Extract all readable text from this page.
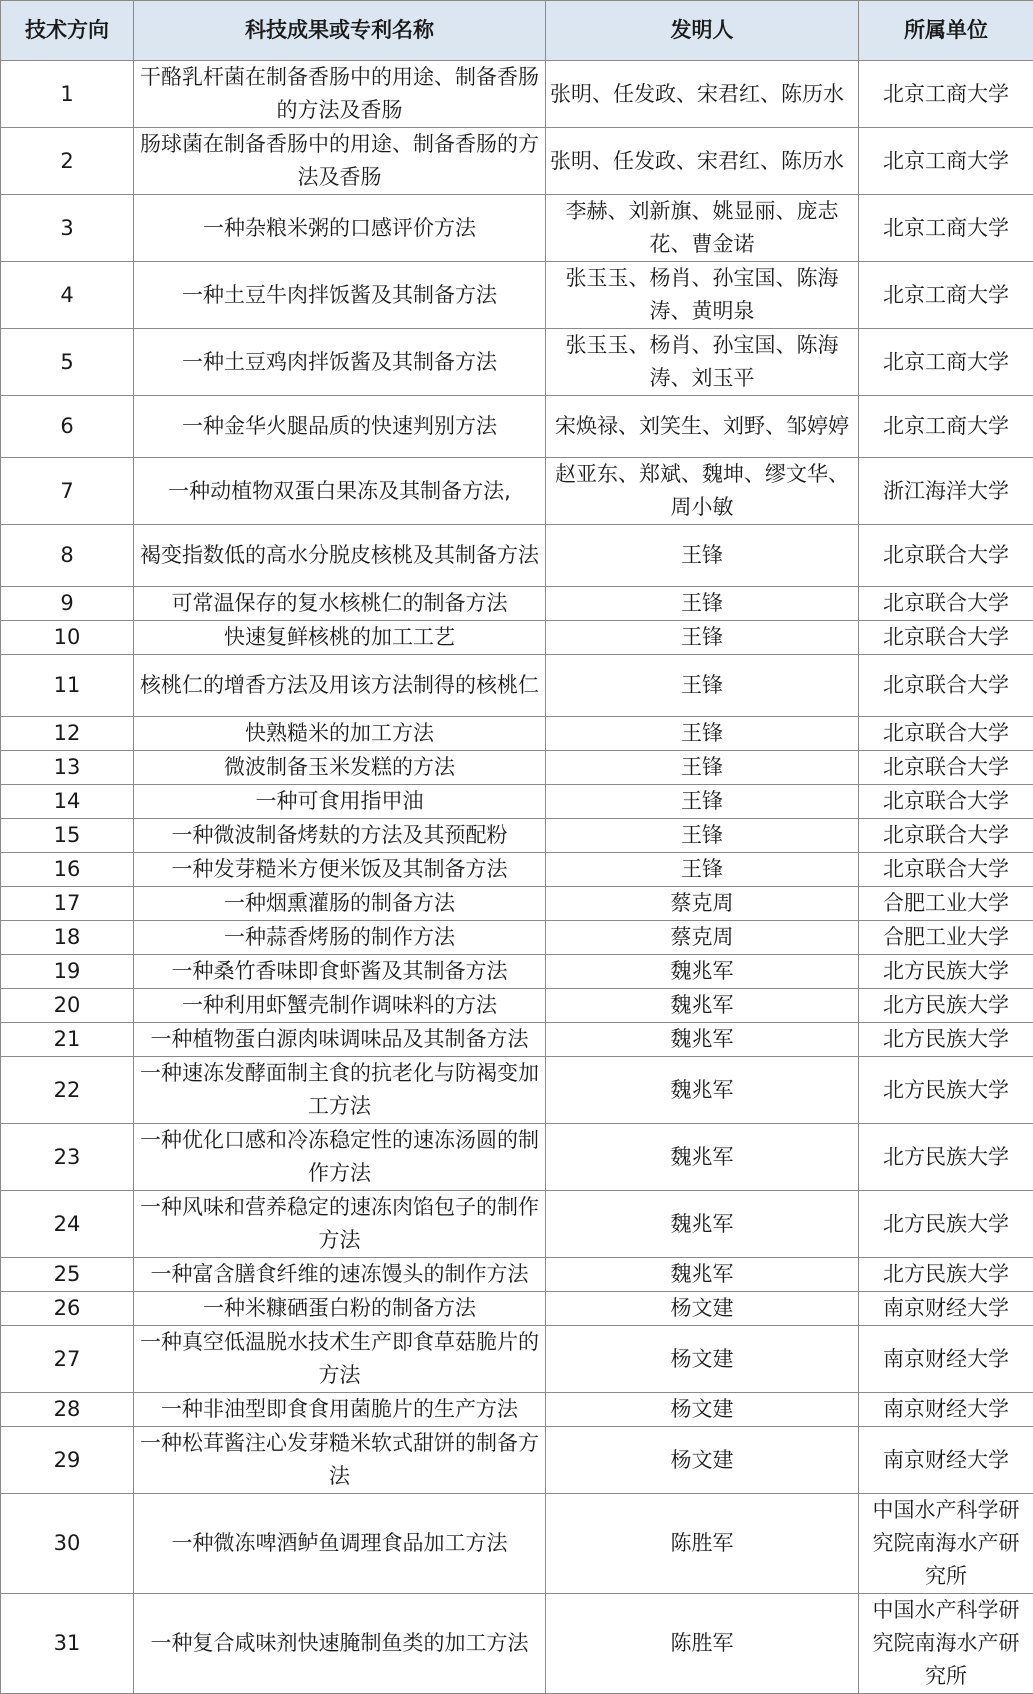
技术方向	科技成果或专利名称	发明人	所属单位
1	干酪乳杆菌在制备香肠中的用途、制备香肠的方法及香肠	张明、任发政、宋君红、陈历水	北京工商大学
2	肠球菌在制备香肠中的用途、制备香肠的方法及香肠	张明、任发政、宋君红、陈历水	北京工商大学
3	一种杂粮米粥的口感评价方法	李赫、刘新旗、姚显丽、庞志花、曹金诺	北京工商大学
4	一种土豆牛肉拌饭酱及其制备方法	张玉玉、杨肖、孙宝国、陈海涛、黄明泉	北京工商大学
5	一种土豆鸡肉拌饭酱及其制备方法	张玉玉、杨肖、孙宝国、陈海涛、刘玉平	北京工商大学
6	一种金华火腿品质的快速判别方法	宋焕禄、刘笑生、刘野、邹婷婷	北京工商大学
7	一种动植物双蛋白果冻及其制备方法,	赵亚东、郑斌、魏坤、缪文华、周小敏	浙江海洋大学
8	褐变指数低的高水分脱皮核桃及其制备方法	王锋	北京联合大学
9	可常温保存的复水核桃仁的制备方法	王锋	北京联合大学
10	快速复鲜核桃的加工工艺	王锋	北京联合大学
11	核桃仁的增香方法及用该方法制得的核桃仁	王锋	北京联合大学
12	快熟糙米的加工方法	王锋	北京联合大学
13	微波制备玉米发糕的方法	王锋	北京联合大学
14	一种可食用指甲油	王锋	北京联合大学
15	一种微波制备烤麸的方法及其预配粉	王锋	北京联合大学
16	一种发芽糙米方便米饭及其制备方法	王锋	北京联合大学
17	一种烟熏灌肠的制备方法	蔡克周	合肥工业大学
18	一种蒜香烤肠的制作方法	蔡克周	合肥工业大学
19	一种桑竹香味即食虾酱及其制备方法	魏兆军	北方民族大学
20	一种利用虾蟹壳制作调味料的方法	魏兆军	北方民族大学
21	一种植物蛋白源肉味调味品及其制备方法	魏兆军	北方民族大学
22	一种速冻发酵面制主食的抗老化与防褐变加工方法	魏兆军	北方民族大学
23	一种优化口感和冷冻稳定性的速冻汤圆的制作方法	魏兆军	北方民族大学
24	一种风味和营养稳定的速冻肉馅包子的制作方法	魏兆军	北方民族大学
25	一种富含膳食纤维的速冻馒头的制作方法	魏兆军	北方民族大学
26	一种米糠硒蛋白粉的制备方法	杨文建	南京财经大学
27	一种真空低温脱水技术生产即食草菇脆片的方法	杨文建	南京财经大学
28	一种非油型即食食用菌脆片的生产方法	杨文建	南京财经大学
29	一种松茸酱注心发芽糙米软式甜饼的制备方法	杨文建	南京财经大学
30	一种微冻啤酒鲈鱼调理食品加工方法	陈胜军	中国水产科学研究院南海水产研究所
31	一种复合咸味剂快速腌制鱼类的加工方法	陈胜军	中国水产科学研究院南海水产研究所
